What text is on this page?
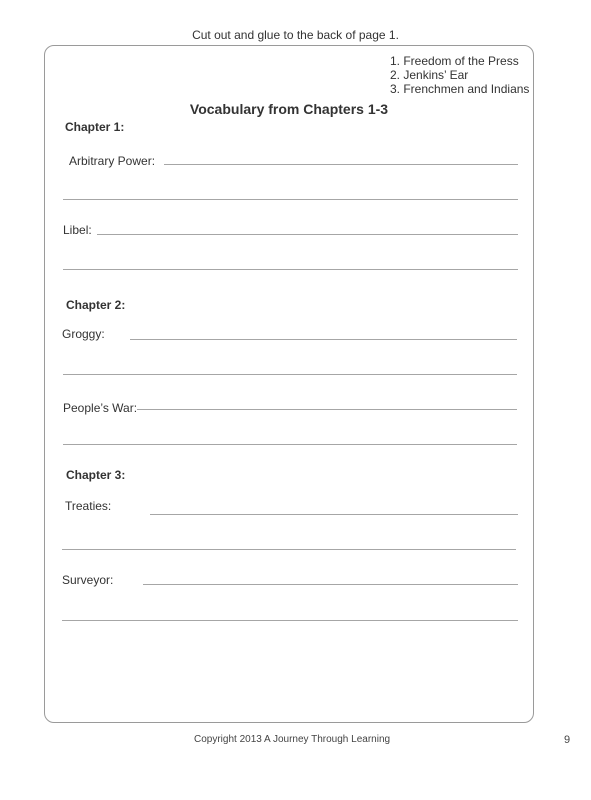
Cut out and glue to the back of page 1.
1. Freedom of the Press
2. Jenkins’ Ear
3. Frenchmen and Indians
Vocabulary from Chapters 1-3
Chapter 1:
Arbitrary Power:
Libel:
Chapter 2:
Groggy:
People’s War:
Chapter 3:
Treaties:
Surveyor:
Copyright 2013 A Journey Through Learning	9
